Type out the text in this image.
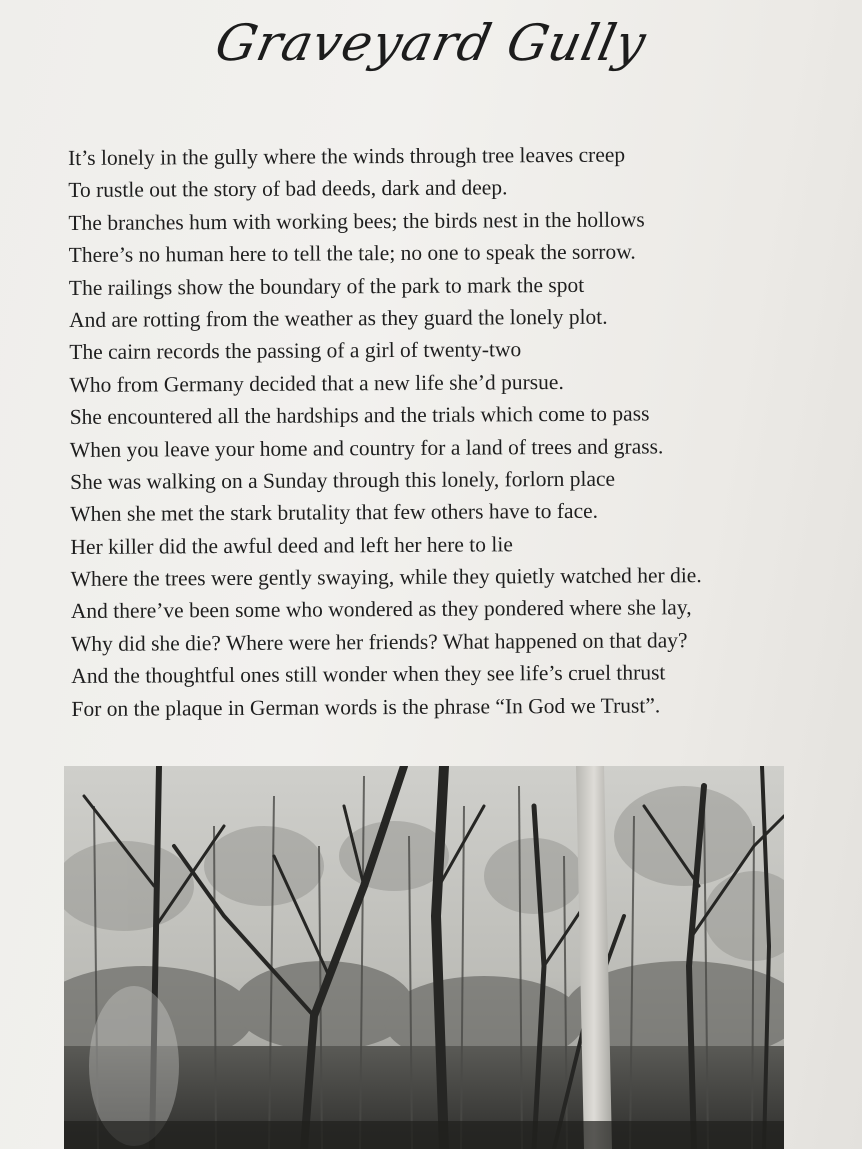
Graveyard Gully
It’s lonely in the gully where the winds through tree leaves creep
To rustle out the story of bad deeds, dark and deep.
The branches hum with working bees; the birds nest in the hollows
There’s no human here to tell the tale; no one to speak the sorrow.
The railings show the boundary of the park to mark the spot
And are rotting from the weather as they guard the lonely plot.
The cairn records the passing of a girl of twenty-two
Who from Germany decided that a new life she’d pursue.
She encountered all the hardships and the trials which come to pass
When you leave your home and country for a land of trees and grass.
She was walking on a Sunday through this lonely, forlorn place
When she met the stark brutality that few others have to face.
Her killer did the awful deed and left her here to lie
Where the trees were gently swaying, while they quietly watched her die.
And there’ve been some who wondered as they pondered where she lay,
Why did she die? Where were her friends? What happened on that day?
And the thoughtful ones still wonder when they see life’s cruel thrust
For on the plaque in German words is the phrase “In God we Trust”.
